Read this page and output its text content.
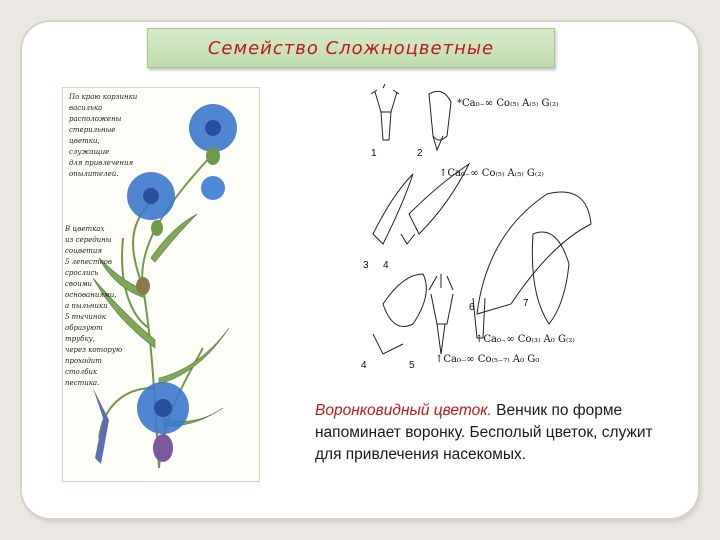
Семейство Сложноцветные
По краю корзинки
василька
расположены
стерильные
цветки,
служащие
для привлечения
опылителей.
В цветках
из середины
соцветия
5 лепестков
срослись
своими
основаниями,
а пыльники
5 тычинок
образуют
трубку,
через которую
проходит
столбик
пестика.
*Ca₀₋∞ Co₍₅₎ A₍₅₎ G₍₂₎
↑Ca₀₋∞ Co₍₅₎ A₍₅₎ G₍₂₎
↑Ca₀₋∞ Co₍₃₎ A₀ G₍₂₎
↑Ca₀₋∞ Co₍₅₋₇₎ A₀ G₀
1	2
3 4
4	5
6	7
Воронковидный цветок. Венчик по форме напоминает воронку. Бесполый цветок, служит для привлечения насекомых.
